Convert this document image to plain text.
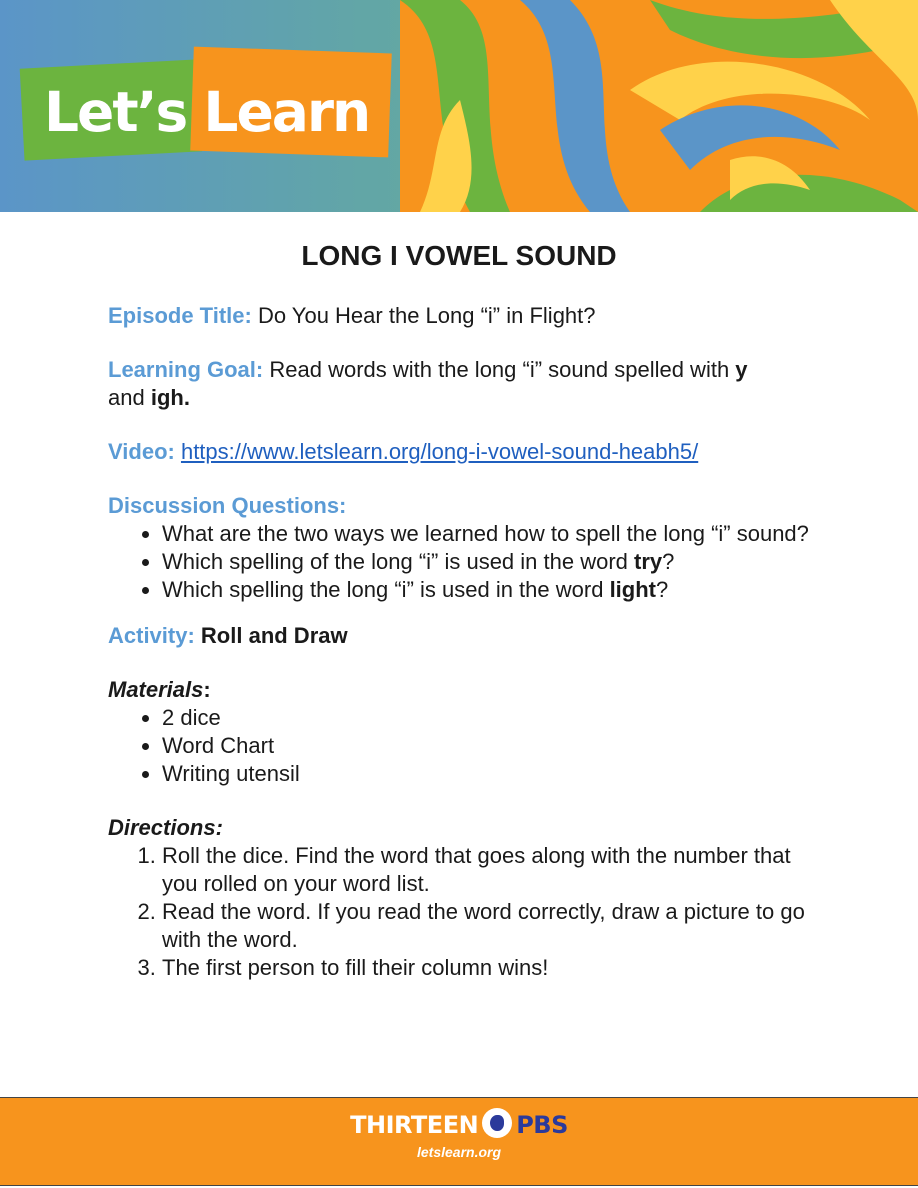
Let’s Learn
LONG I VOWEL SOUND

Episode Title: Do You Hear the Long “i” in Flight?

Learning Goal: Read words with the long “i” sound spelled with y
and igh.

Video: https://www.letslearn.org/long-i-vowel-sound-heabh5/

Discussion Questions:
• What are the two ways we learned how to spell the long “i” sound?
• Which spelling of the long “i” is used in the word try?
• Which spelling the long “i” is used in the word light?

Activity: Roll and Draw

Materials:
• 2 dice
• Word Chart
• Writing utensil
Directions:
1. Roll the dice. Find the word that goes along with the number that you rolled on your word list.
2. Read the word. If you read the word correctly, draw a picture to go with the word.
3. The first person to fill their column wins!
THIRTEEN PBS
letslearn.org
